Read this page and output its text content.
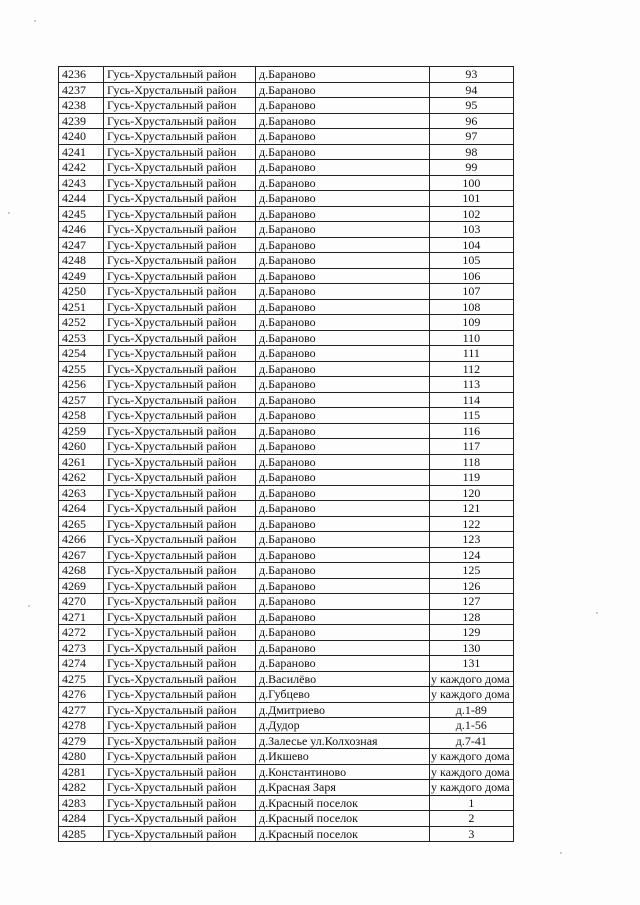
4236	Гусь-Хрустальный район	д.Бараново	93
4237	Гусь-Хрустальный район	д.Бараново	94
4238	Гусь-Хрустальный район	д.Бараново	95
4239	Гусь-Хрустальный район	д.Бараново	96
4240	Гусь-Хрустальный район	д.Бараново	97
4241	Гусь-Хрустальный район	д.Бараново	98
4242	Гусь-Хрустальный район	д.Бараново	99
4243	Гусь-Хрустальный район	д.Бараново	100
4244	Гусь-Хрустальный район	д.Бараново	101
4245	Гусь-Хрустальный район	д.Бараново	102
4246	Гусь-Хрустальный район	д.Бараново	103
4247	Гусь-Хрустальный район	д.Бараново	104
4248	Гусь-Хрустальный район	д.Бараново	105
4249	Гусь-Хрустальный район	д.Бараново	106
4250	Гусь-Хрустальный район	д.Бараново	107
4251	Гусь-Хрустальный район	д.Бараново	108
4252	Гусь-Хрустальный район	д.Бараново	109
4253	Гусь-Хрустальный район	д.Бараново	110
4254	Гусь-Хрустальный район	д.Бараново	111
4255	Гусь-Хрустальный район	д.Бараново	112
4256	Гусь-Хрустальный район	д.Бараново	113
4257	Гусь-Хрустальный район	д.Бараново	114
4258	Гусь-Хрустальный район	д.Бараново	115
4259	Гусь-Хрустальный район	д.Бараново	116
4260	Гусь-Хрустальный район	д.Бараново	117
4261	Гусь-Хрустальный район	д.Бараново	118
4262	Гусь-Хрустальный район	д.Бараново	119
4263	Гусь-Хрустальный район	д.Бараново	120
4264	Гусь-Хрустальный район	д.Бараново	121
4265	Гусь-Хрустальный район	д.Бараново	122
4266	Гусь-Хрустальный район	д.Бараново	123
4267	Гусь-Хрустальный район	д.Бараново	124
4268	Гусь-Хрустальный район	д.Бараново	125
4269	Гусь-Хрустальный район	д.Бараново	126
4270	Гусь-Хрустальный район	д.Бараново	127
4271	Гусь-Хрустальный район	д.Бараново	128
4272	Гусь-Хрустальный район	д.Бараново	129
4273	Гусь-Хрустальный район	д.Бараново	130
4274	Гусь-Хрустальный район	д.Бараново	131
4275	Гусь-Хрустальный район	д.Василёво	у каждого дома
4276	Гусь-Хрустальный район	д.Губцево	у каждого дома
4277	Гусь-Хрустальный район	д.Дмитриево	д.1-89
4278	Гусь-Хрустальный район	д.Дудор	д.1-56
4279	Гусь-Хрустальный район	д.Залесье ул.Колхозная	д.7-41
4280	Гусь-Хрустальный район	д.Икшево	у каждого дома
4281	Гусь-Хрустальный район	д.Константиново	у каждого дома
4282	Гусь-Хрустальный район	д.Красная Заря	у каждого дома
4283	Гусь-Хрустальный район	д.Красный поселок	1
4284	Гусь-Хрустальный район	д.Красный поселок	2
4285	Гусь-Хрустальный район	д.Красный поселок	3
